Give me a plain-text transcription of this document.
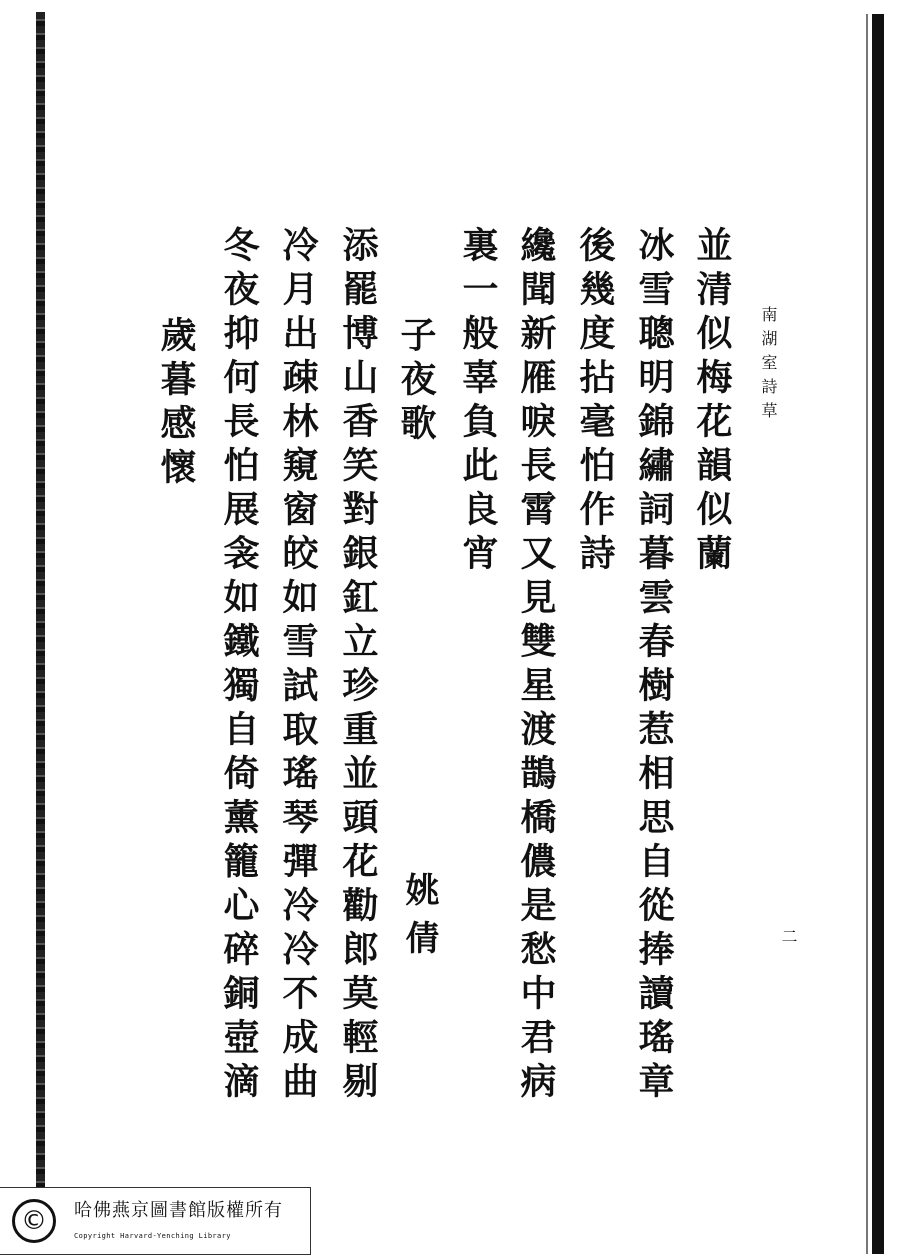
南湖室詩草
二
並清似梅花韻似蘭
冰雪聰明錦繡詞暮雲春樹惹相思自從捧讀瑤章
後幾度拈毫怕作詩
纔聞新雁唳長霄又見雙星渡鵲橋儂是愁中君病
裏一般辜負此良宵
子夜歌
姚倩
添罷博山香笑對銀釭立珍重並頭花勸郎莫輕剔
冷月出疎林窺窗皎如雪試取瑤琴彈冷冷不成曲
冬夜抑何長怕展衾如鐵獨自倚薰籠心碎銅壺滴
歲暮感懷
©	哈佛燕京圖書館版權所有
Copyright Harvard-Yenching Library
